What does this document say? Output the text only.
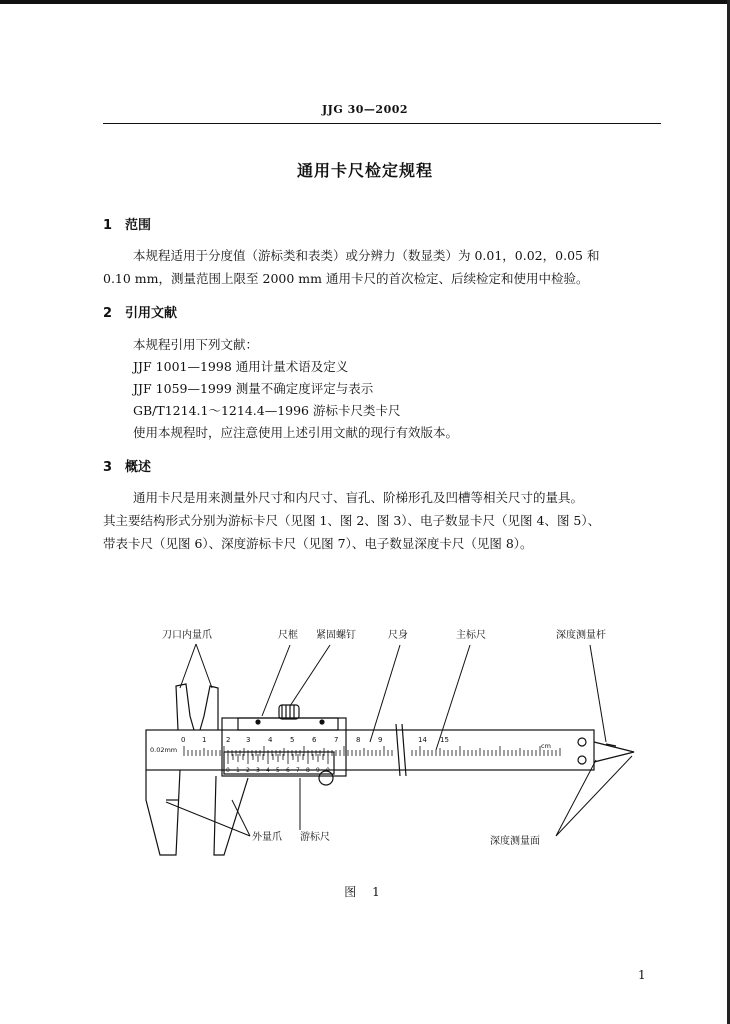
JJG 30—2002
通用卡尺检定规程
1 范围
本规程适用于分度值（游标类和表类）或分辨力（数显类）为 0.01，0.02，0.05 和
0.10 mm，测量范围上限至 2000 mm 通用卡尺的首次检定、后续检定和使用中检验。
2 引用文献
本规程引用下列文献：
JJF 1001—1998 通用计量术语及定义
JJF 1059—1999 测量不确定度评定与表示
GB/T1214.1～1214.4—1996 游标卡尺类卡尺
使用本规程时，应注意使用上述引用文献的现行有效版本。
3 概述
通用卡尺是用来测量外尺寸和内尺寸、盲孔、阶梯形孔及凹槽等相关尺寸的量具。
其主要结构形式分别为游标卡尺（见图 1、图 2、图 3）、电子数显卡尺（见图 4、图 5）、
带表卡尺（见图 6）、深度游标卡尺（见图 7）、电子数显深度卡尺（见图 8）。
0 1	2 3	4	5	6	7	8	9	14 15
0.02mm	cm
0 1 2 3 4 5 6 7 8 9 0
刀口内量爪	尺框 紧固螺钉	尺身	主标尺	深度测量杆
外量爪 游标尺	深度测量面
图 1
1
